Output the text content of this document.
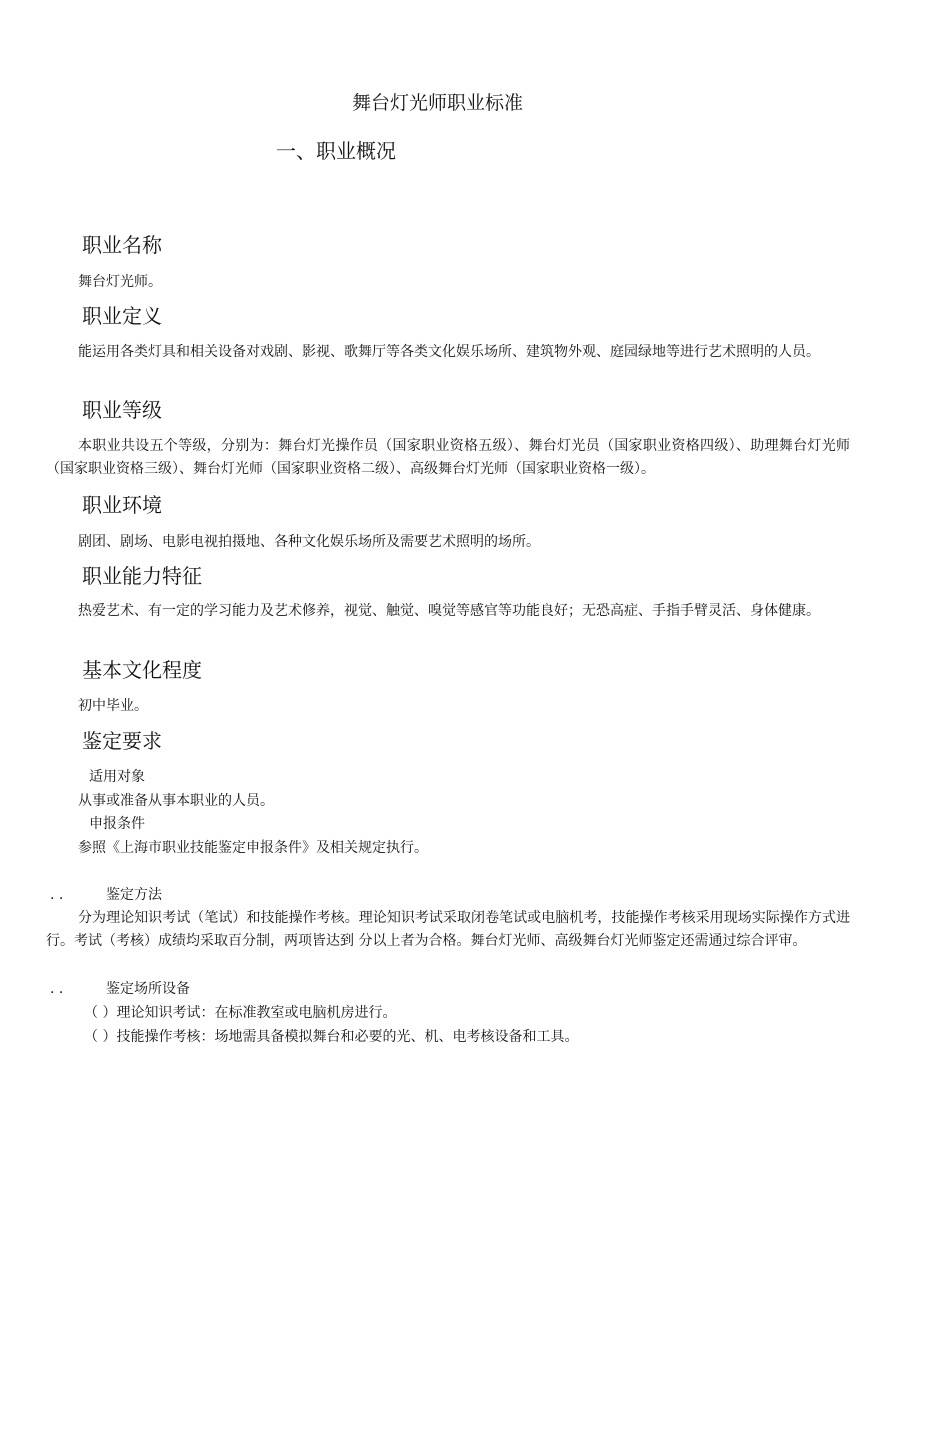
舞台灯光师职业标准
一、职业概况
职业名称
舞台灯光师。
职业定义
能运用各类灯具和相关设备对戏剧、影视、歌舞厅等各类文化娱乐场所、建筑物外观、庭园绿地等进行艺术照明的人员。
职业等级
本职业共设五个等级，分别为：舞台灯光操作员（国家职业资格五级）、舞台灯光员（国家职业资格四级）、助理舞台灯光师（国家职业资格三级）、舞台灯光师（国家职业资格二级）、高级舞台灯光师（国家职业资格一级）。
职业环境
剧团、剧场、电影电视拍摄地、各种文化娱乐场所及需要艺术照明的场所。
职业能力特征
热爱艺术、有一定的学习能力及艺术修养，视觉、触觉、嗅觉等感官等功能良好；无恐高症、手指手臂灵活、身体健康。
基本文化程度
初中毕业。
鉴定要求
适用对象
从事或准备从事本职业的人员。
申报条件
参照《上海市职业技能鉴定申报条件》及相关规定执行。
. .	鉴定方法
分为理论知识考试（笔试）和技能操作考核。理论知识考试采取闭卷笔试或电脑机考，技能操作考核采用现场实际操作方式进行。考试（考核）成绩均采取百分制，两项皆达到 分以上者为合格。舞台灯光师、高级舞台灯光师鉴定还需通过综合评审。
. .	鉴定场所设备
（ ）理论知识考试：在标准教室或电脑机房进行。
（ ）技能操作考核：场地需具备模拟舞台和必要的光、机、电考核设备和工具。
